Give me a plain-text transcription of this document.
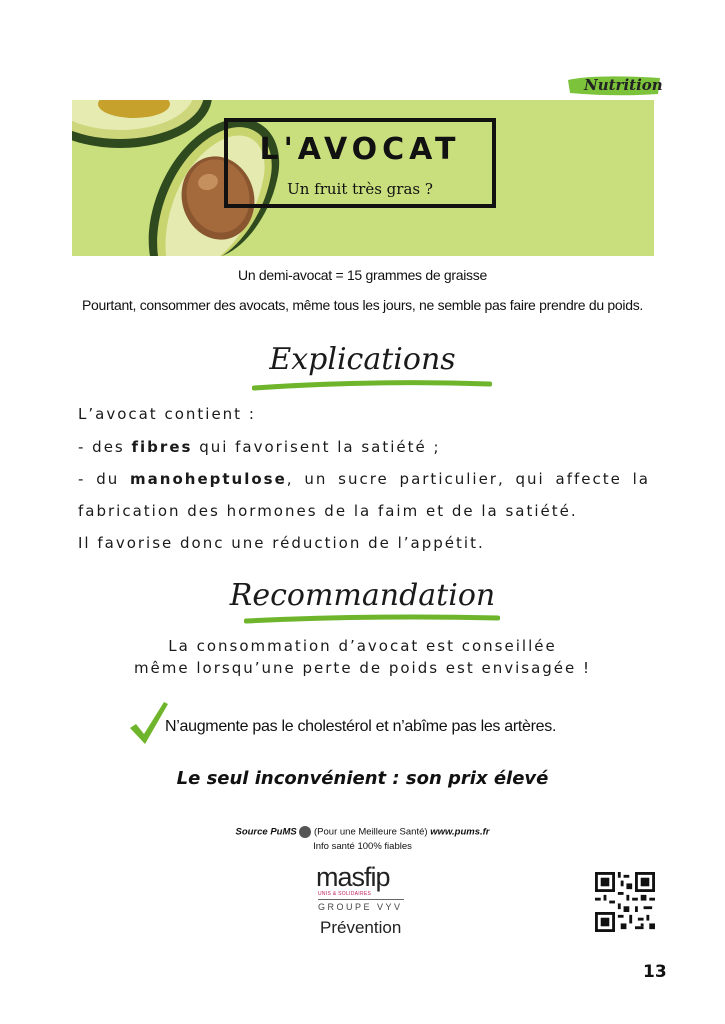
Nutrition
L'AVOCAT
Un fruit très gras ?
Un demi-avocat = 15 grammes de graisse
Pourtant, consommer des avocats, même tous les jours, ne semble pas faire prendre du poids.
Explications
L’avocat contient :
- des fibres qui favorisent la satiété ;
- du manoheptulose, un sucre particulier, qui affecte la
fabrication des hormones de la faim et de la satiété.
Il favorise donc une réduction de l’appétit.
Recommandation
La consommation d’avocat est conseillée
même lorsqu’une perte de poids est envisagée !
N’augmente pas le cholestérol et n’abîme pas les artères.
Le seul inconvénient : son prix élevé
Source PuMS (Pour une Meilleure Santé) www.pums.fr
Info santé 100% fiables
masfip
UNIS & SOLIDAIRES
GROUPE VYV
Prévention
13
